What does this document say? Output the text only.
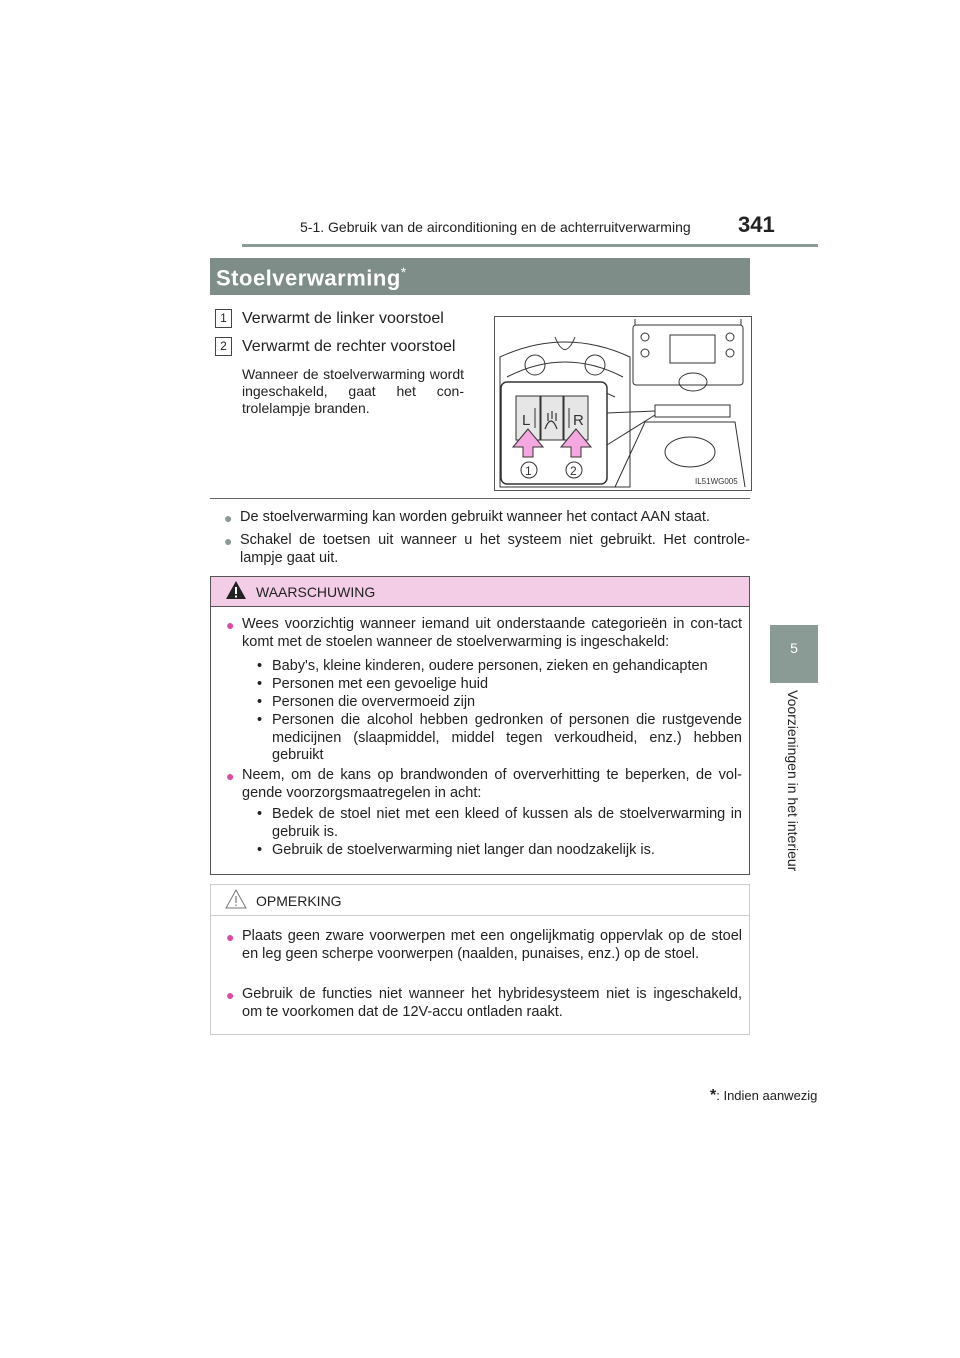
5-1. Gebruik van de airconditioning en de achterruitverwarming 341
5
Voorzieningen in het interieur
Stoelverwarming*
1 Verwarmt de linker voorstoel
2 Verwarmt de rechter voorstoel
Wanneer de stoelverwarming wordt ingeschakeld, gaat het con-trolelampje branden.
L	R
1	2
IL51WG005
● De stoelverwarming kan worden gebruikt wanneer het contact AAN staat.
● Schakel de toetsen uit wanneer u het systeem niet gebruikt. Het controle-lampje gaat uit.
WAARSCHUWING
● Wees voorzichtig wanneer iemand uit onderstaande categorieën in con-tact komt met de stoelen wanneer de stoelverwarming is ingeschakeld:
• Baby's, kleine kinderen, oudere personen, zieken en gehandicapten
• Personen met een gevoelige huid
• Personen die oververmoeid zijn
• Personen die alcohol hebben gedronken of personen die rustgevende medicijnen (slaapmiddel, middel tegen verkoudheid, enz.) hebben gebruikt
● Neem, om de kans op brandwonden of oververhitting te beperken, de vol-gende voorzorgsmaatregelen in acht:
• Bedek de stoel niet met een kleed of kussen als de stoelverwarming in gebruik is.
• Gebruik de stoelverwarming niet langer dan noodzakelijk is.
OPMERKING
● Plaats geen zware voorwerpen met een ongelijkmatig oppervlak op de stoel en leg geen scherpe voorwerpen (naalden, punaises, enz.) op de stoel.
● Gebruik de functies niet wanneer het hybridesysteem niet is ingeschakeld, om te voorkomen dat de 12V-accu ontladen raakt.
*: Indien aanwezig
